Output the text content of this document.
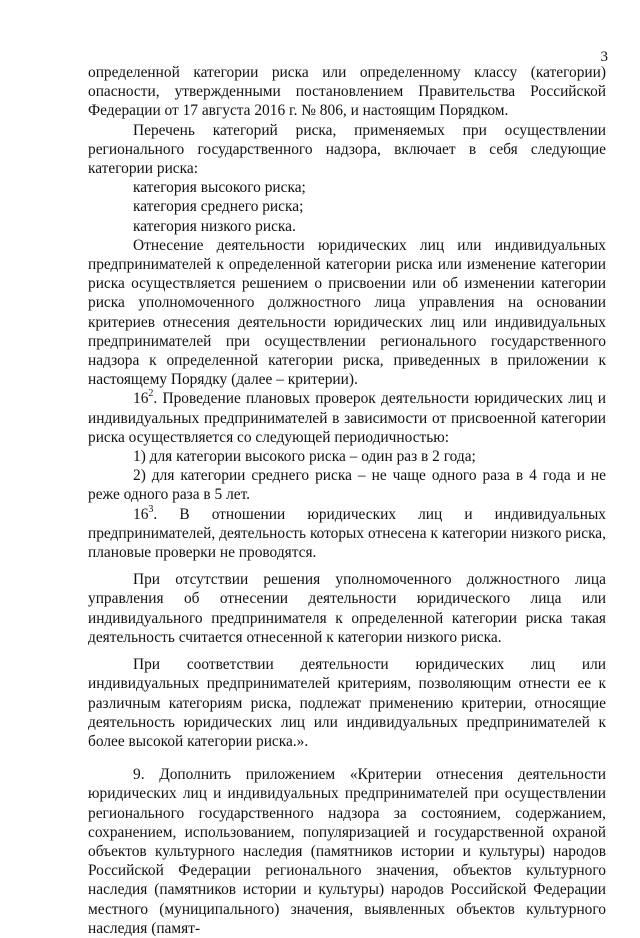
3

определенной категории риска или определенному классу (категории) опасности, утвержденными постановлением Правительства Российской Федерации от 17 августа 2016 г. № 806, и настоящим Порядком.

Перечень категорий риска, применяемых при осуществлении регионального государственного надзора, включает в себя следующие категории риска:

категория высокого риска;

категория среднего риска;

категория низкого риска.

Отнесение деятельности юридических лиц или индивидуальных предпринимателей к определенной категории риска или изменение категории риска осуществляется решением о присвоении или об изменении категории риска уполномоченного должностного лица управления на основании критериев отнесения деятельности юридических лиц или индивидуальных предпринимателей при осуществлении регионального государственного надзора к определенной категории риска, приведенных в приложении к настоящему Порядку (далее – критерии).

$16^2$. Проведение плановых проверок деятельности юридических лиц и индивидуальных предпринимателей в зависимости от присвоенной категории риска осуществляется со следующей периодичностью:

1) для категории высокого риска – один раз в 2 года;

2) для категории среднего риска – не чаще одного раза в 4 года и не реже одного раза в 5 лет.

$16^3$. В отношении юридических лиц и индивидуальных предпринимателей, деятельность которых отнесена к категории низкого риска, плановые проверки не проводятся.

При отсутствии решения уполномоченного должностного лица управления об отнесении деятельности юридического лица или индивидуального предпринимателя к определенной категории риска такая деятельность считается отнесенной к категории низкого риска.

При соответствии деятельности юридических лиц или индивидуальных предпринимателей критериям, позволяющим отнести ее к различным категориям риска, подлежат применению критерии, относящие деятельность юридических лиц или индивидуальных предпринимателей к более высокой категории риска.».

9. Дополнить приложением «Критерии отнесения деятельности юридических лиц и индивидуальных предпринимателей при осуществлении регионального государственного надзора за состоянием, содержанием, сохранением, использованием, популяризацией и государственной охраной объектов культурного наследия (памятников истории и культуры) народов Российской Федерации регионального значения, объектов культурного наследия (памятников истории и культуры) народов Российской Федерации местного (муниципального) значения, выявленных объектов культурного наследия (памят-
